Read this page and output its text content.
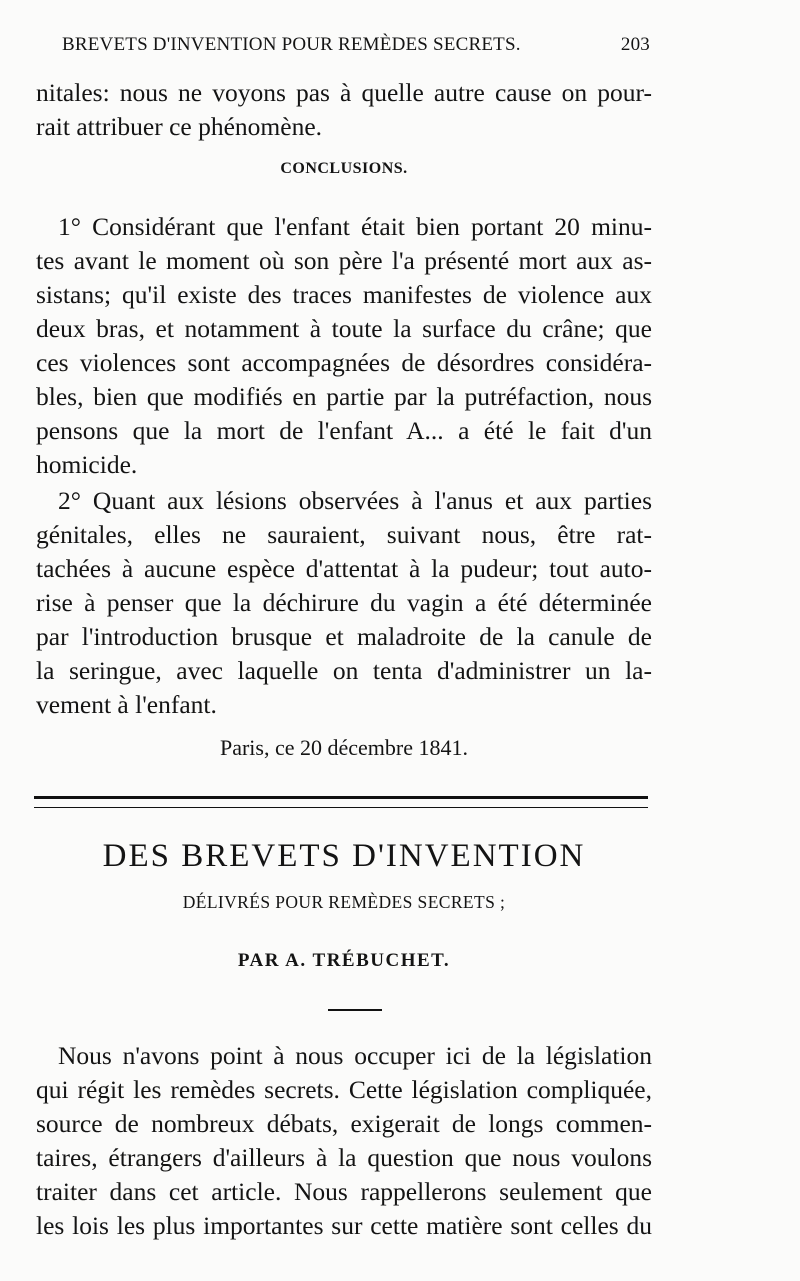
BREVETS D'INVENTION POUR REMÈDES SECRETS.	203
nitales: nous ne voyons pas à quelle autre cause on pour-
rait attribuer ce phénomène.
CONCLUSIONS.
1° Considérant que l'enfant était bien portant 20 minu-
tes avant le moment où son père l'a présenté mort aux as-
sistans; qu'il existe des traces manifestes de violence aux
deux bras, et notamment à toute la surface du crâne; que
ces violences sont accompagnées de désordres considéra-
bles, bien que modifiés en partie par la putréfaction, nous
pensons que la mort de l'enfant A... a été le fait d'un
homicide.
2° Quant aux lésions observées à l'anus et aux parties
génitales, elles ne sauraient, suivant nous, être rat-
tachées à aucune espèce d'attentat à la pudeur; tout auto-
rise à penser que la déchirure du vagin a été déterminée
par l'introduction brusque et maladroite de la canule de
la seringue, avec laquelle on tenta d'administrer un la-
vement à l'enfant.
Paris, ce 20 décembre 1841.
DES BREVETS D'INVENTION
DÉLIVRÉS POUR REMÈDES SECRETS ;
PAR A. TRÉBUCHET.
Nous n'avons point à nous occuper ici de la législation
qui régit les remèdes secrets. Cette législation compliquée,
source de nombreux débats, exigerait de longs commen-
taires, étrangers d'ailleurs à la question que nous voulons
traiter dans cet article. Nous rappellerons seulement que
les lois les plus importantes sur cette matière sont celles du
